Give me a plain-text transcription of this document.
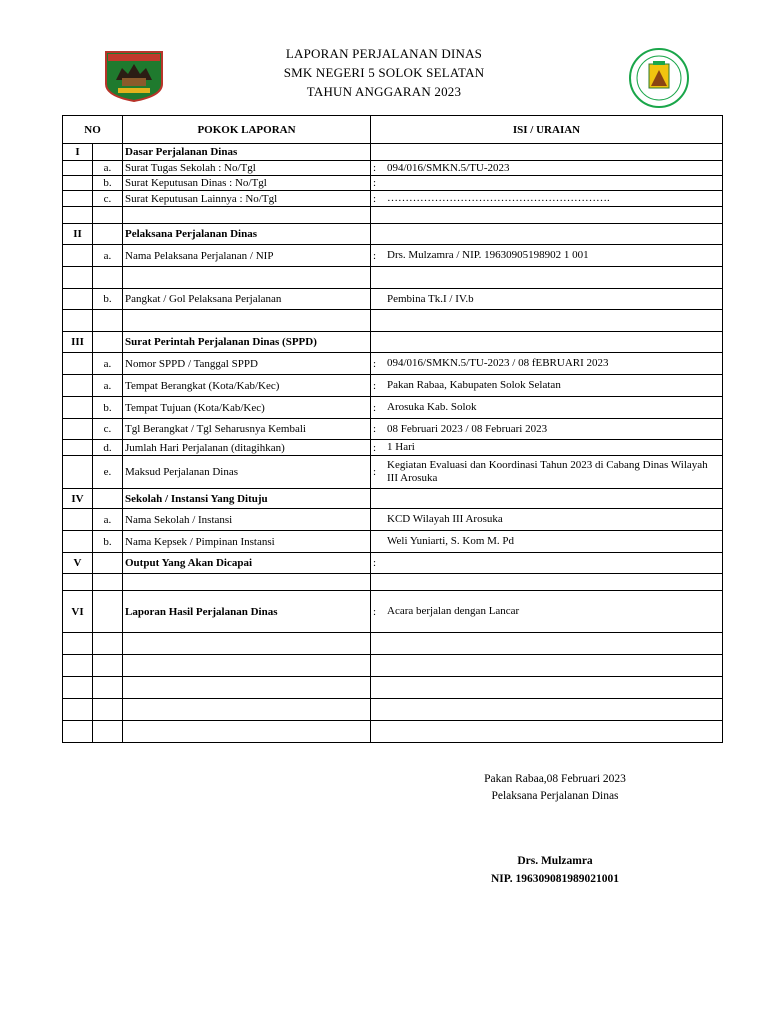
LAPORAN PERJALANAN DINAS
SMK NEGERI 5 SOLOK SELATAN
TAHUN ANGGARAN 2023
NO		POKOK LAPORAN	ISI / URAIAN
I		Dasar Perjalanan Dinas	

	a.	Surat Tugas Sekolah : No/Tgl	: 094/016/SMKN.5/TU-2023

	b.	Surat Keputusan Dinas : No/Tgl	:

	c.	Surat Keputusan Lainnya : No/Tgl	: …………………………………………………….

II		Pelaksana Perjalanan Dinas	

	a.	Nama Pelaksana Perjalanan / NIP	: Drs. Mulzamra / NIP. 19630905198902 1 001

	b.	Pangkat / Gol Pelaksana Perjalanan	Pembina Tk.I / IV.b

III		Surat Perintah Perjalanan Dinas (SPPD)	

	a.	Nomor SPPD / Tanggal SPPD	: 094/016/SMKN.5/TU-2023 / 08 fEBRUARI 2023

	a.	Tempat Berangkat (Kota/Kab/Kec)	: Pakan Rabaa, Kabupaten Solok Selatan

	b.	Tempat Tujuan (Kota/Kab/Kec)	: Arosuka Kab. Solok

	c.	Tgl Berangkat / Tgl Seharusnya Kembali	: 08 Februari 2023 / 08 Februari 2023

	d.	Jumlah Hari Perjalanan (ditagihkan)	: 1 Hari

	e.	Maksud Perjalanan Dinas	:
Kegiatan Evaluasi dan Koordinasi Tahun 2023 di Cabang Dinas Wilayah III Arosuka

IV		Sekolah / Instansi Yang Dituju	

	a.	Nama Sekolah / Instansi	KCD Wilayah III Arosuka

	b.	Nama Kepsek / Pimpinan Instansi	Weli Yuniarti, S. Kom M. Pd

V		Output Yang Akan Dicapai	:

VI		Laporan Hasil Perjalanan Dinas	: Acara berjalan dengan Lancar

Pakan Rabaa,08 Februari 2023
Pelaksana Perjalanan Dinas
Drs. Mulzamra
NIP. 196309081989021001
